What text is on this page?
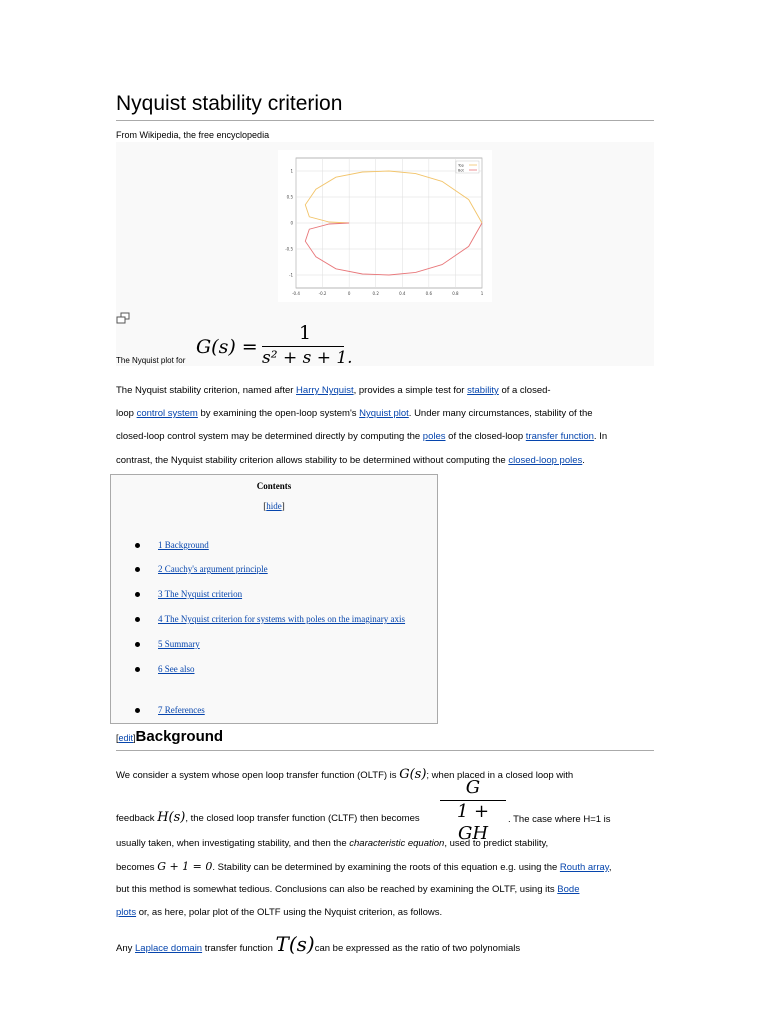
Nyquist stability criterion
From Wikipedia, the free encyclopedia
-0.4	-0.2	0	0.2	0.4	0.6	0.8	1
1
0.5
0
-0.5
-1
Top
Bot
The Nyquist plot for
G(s) =
1
s² + s + 1.
The Nyquist stability criterion, named after Harry Nyquist, provides a simple test for stability of a closed-
loop control system by examining the open-loop system's Nyquist plot. Under many circumstances, stability of the
closed-loop control system may be determined directly by computing the poles of the closed-loop transfer function. In
contrast, the Nyquist stability criterion allows stability to be determined without computing the closed-loop poles.
Contents
[hide]
1 Background
2 Cauchy's argument principle
3 The Nyquist criterion
4 The Nyquist criterion for systems with poles on the imaginary axis
5 Summary
6 See also
7 References
[edit]Background
We consider a system whose open loop transfer function (OLTF) is G(s); when placed in a closed loop with
feedback H(s), the closed loop transfer function (CLTF) then becomes $\frac{G}{1 + GH}$ . The case where H=1 is
usually taken, when investigating stability, and then the characteristic equation, used to predict stability,
becomes G + 1 = 0. Stability can be determined by examining the roots of this equation e.g. using the Routh array,
but this method is somewhat tedious. Conclusions can also be reached by examining the OLTF, using its Bode
plots or, as here, polar plot of the OLTF using the Nyquist criterion, as follows.
Any Laplace domain transfer function T(s)can be expressed as the ratio of two polynomials
